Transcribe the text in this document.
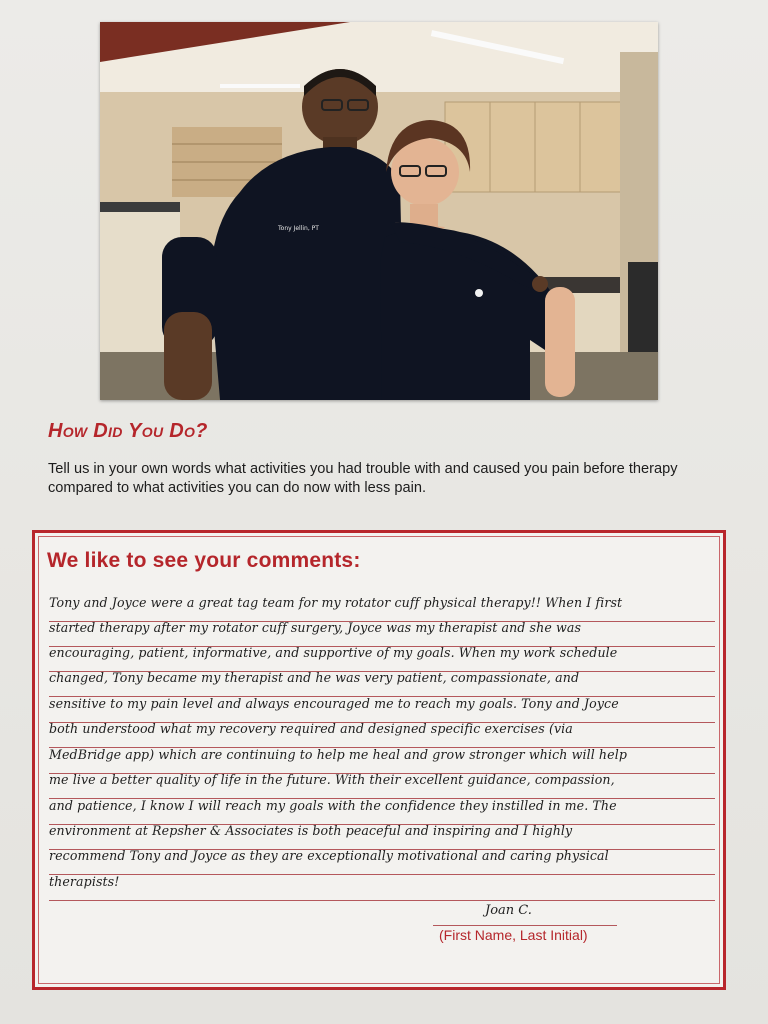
Tony Jellin, PT
How Did You Do?

Tell us in your own words what activities you had trouble with and caused you pain before therapy compared to what activities you can do now with less pain.

We like to see your comments:
Tony and Joyce were a great tag team for my rotator cuff physical therapy!! When I first
started therapy after my rotator cuff surgery, Joyce was my therapist and she was
encouraging, patient, informative, and supportive of my goals. When my work schedule
changed, Tony became my therapist and he was very patient, compassionate, and
sensitive to my pain level and always encouraged me to reach my goals. Tony and Joyce
both understood what my recovery required and designed specific exercises (via
MedBridge app) which are continuing to help me heal and grow stronger which will help
me live a better quality of life in the future. With their excellent guidance, compassion,
and patience, I know I will reach my goals with the confidence they instilled in me. The
environment at Repsher & Associates is both peaceful and inspiring and I highly
recommend Tony and Joyce as they are exceptionally motivational and caring physical
therapists!
Joan C.
(First Name, Last Initial)
